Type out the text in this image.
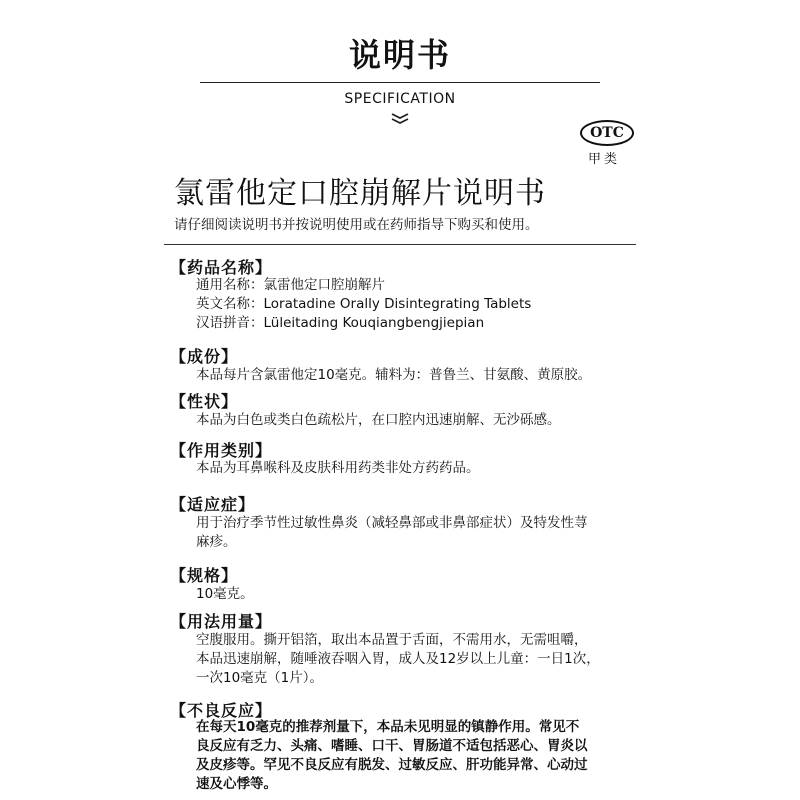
说明书
SPECIFICATION
OTC
甲类
氯雷他定口腔崩解片说明书
请仔细阅读说明书并按说明使用或在药师指导下购买和使用。
【药品名称】
通用名称：氯雷他定口腔崩解片
英文名称：Loratadine Orally Disintegrating Tablets
汉语拼音：Lüleitading Kouqiangbengjiepian
【成份】
本品每片含氯雷他定10毫克。辅料为：普鲁兰、甘氨酸、黄原胶。
【性状】
本品为白色或类白色疏松片，在口腔内迅速崩解、无沙砾感。
【作用类别】
本品为耳鼻喉科及皮肤科用药类非处方药药品。
【适应症】
用于治疗季节性过敏性鼻炎（减轻鼻部或非鼻部症状）及特发性荨
麻疹。
【规格】
10毫克。
【用法用量】
空腹服用。撕开铝箔，取出本品置于舌面，不需用水，无需咀嚼，
本品迅速崩解，随唾液吞咽入胃，成人及12岁以上儿童：一日1次，
一次10毫克（1片）。
【不良反应】
在每天10毫克的推荐剂量下，本品未见明显的镇静作用。常见不
良反应有乏力、头痛、嗜睡、口干、胃肠道不适包括恶心、胃炎以
及皮疹等。罕见不良反应有脱发、过敏反应、肝功能异常、心动过
速及心悸等。
